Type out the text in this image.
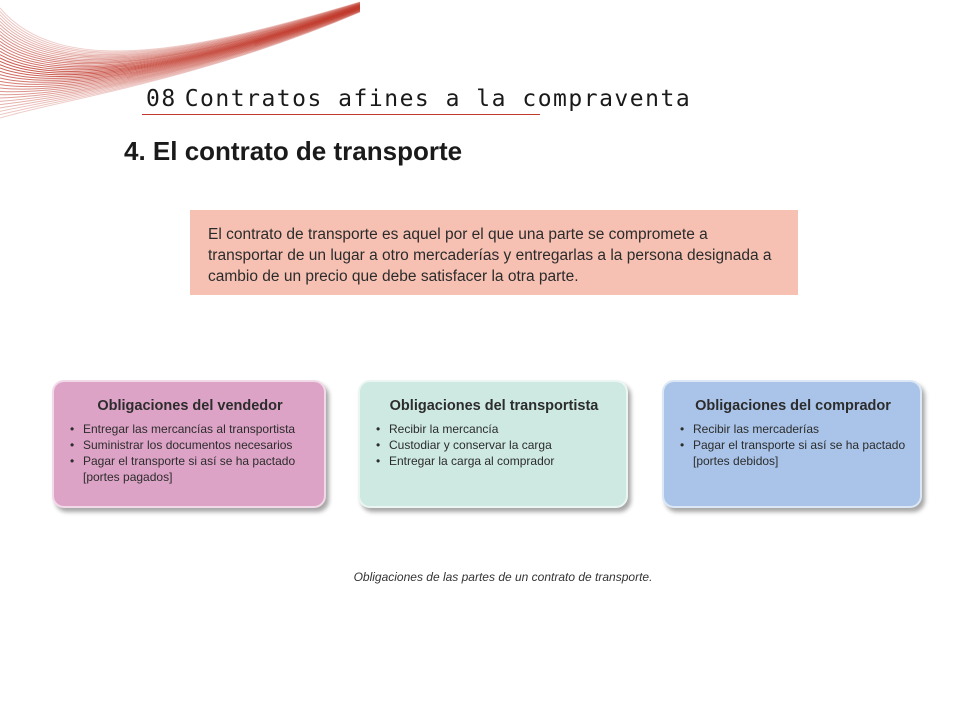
08 Contratos afines a la compraventa
4. El contrato de transporte
El contrato de transporte es aquel por el que una parte se compromete a transportar de un lugar a otro mercaderías y entregarlas a la persona designada a cambio de un precio que debe satisfacer la otra parte.
Obligaciones del vendedor
• Entregar las mercancías al transportista
• Suministrar los documentos necesarios
• Pagar el transporte si así se ha pactado [portes pagados]
Obligaciones del transportista
• Recibir la mercancía
• Custodiar y conservar la carga
• Entregar la carga al comprador
Obligaciones del comprador
• Recibir las mercaderías
• Pagar el transporte si así se ha pactado [portes debidos]
Obligaciones de las partes de un contrato de transporte.
